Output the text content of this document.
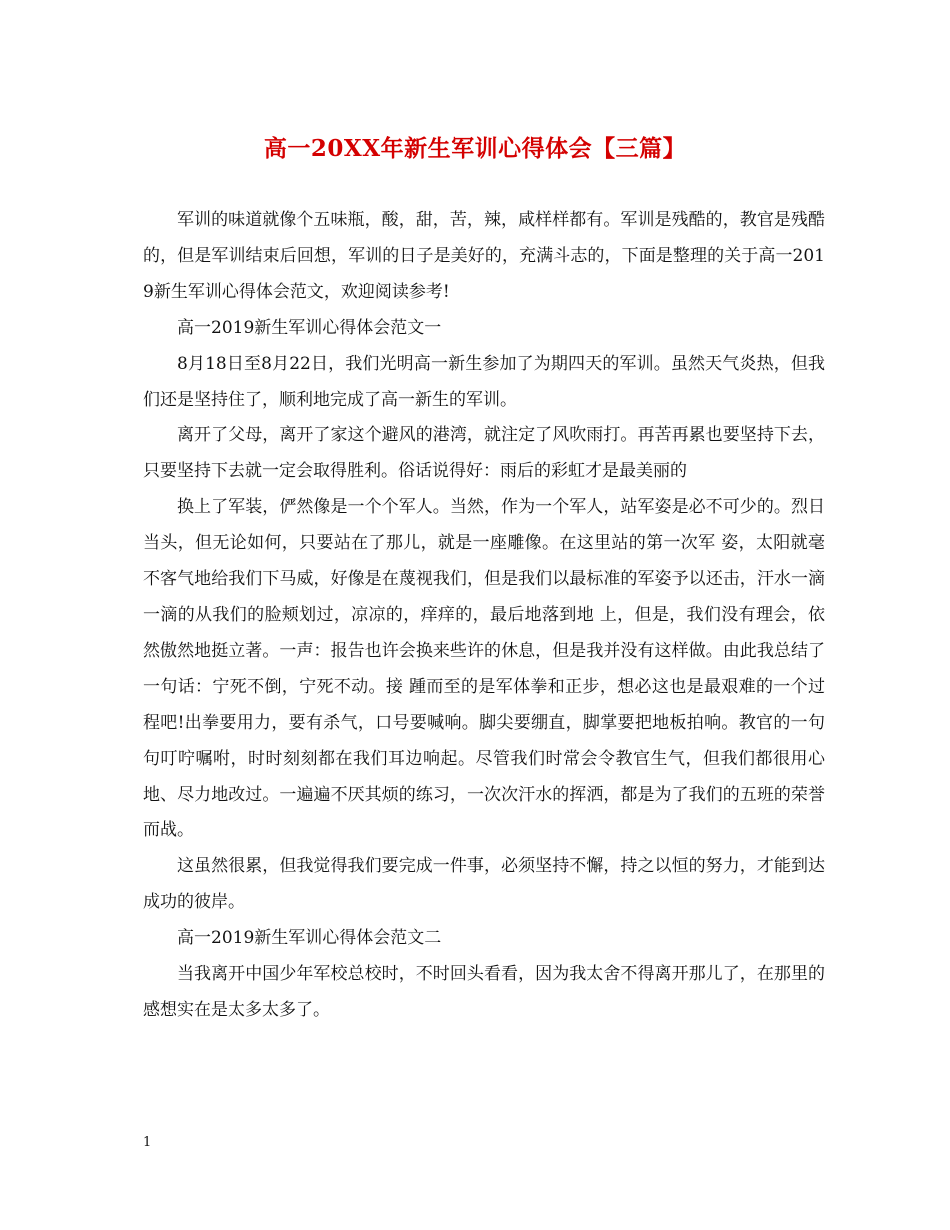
高一20XX年新生军训心得体会【三篇】

军训的味道就像个五味瓶，酸，甜，苦，辣，咸样样都有。军训是残酷的，教官是残酷的，但是军训结束后回想，军训的日子是美好的，充满斗志的，下面是整理的关于高一2019新生军训心得体会范文，欢迎阅读参考!

高一2019新生军训心得体会范文一

8月18日至8月22日，我们光明高一新生参加了为期四天的军训。虽然天气炎热，但我们还是坚持住了，顺利地完成了高一新生的军训。

离开了父母，离开了家这个避风的港湾，就注定了风吹雨打。再苦再累也要坚持下去，只要坚持下去就一定会取得胜利。俗话说得好：雨后的彩虹才是最美丽的

换上了军装，俨然像是一个个军人。当然，作为一个军人，站军姿是必不可少的。烈日当头，但无论如何，只要站在了那儿，就是一座雕像。在这里站的第一次军 姿，太阳就毫不客气地给我们下马威，好像是在蔑视我们，但是我们以最标准的军姿予以还击，汗水一滴一滴的从我们的脸颊划过，凉凉的，痒痒的，最后地落到地 上，但是，我们没有理会，依然傲然地挺立著。一声：报告也许会换来些许的休息，但是我并没有这样做。由此我总结了一句话：宁死不倒，宁死不动。接 踵而至的是军体拳和正步，想必这也是最艰难的一个过程吧!出拳要用力，要有杀气，口号要喊响。脚尖要绷直，脚掌要把地板拍响。教官的一句句叮咛嘱咐，时时刻刻都在我们耳边响起。尽管我们时常会令教官生气，但我们都很用心地、尽力地改过。一遍遍不厌其烦的练习，一次次汗水的挥洒，都是为了我们的五班的荣誉而战。

这虽然很累，但我觉得我们要完成一件事，必须坚持不懈，持之以恒的努力，才能到达成功的彼岸。

高一2019新生军训心得体会范文二

当我离开中国少年军校总校时，不时回头看看，因为我太舍不得离开那儿了，在那里的感想实在是太多太多了。

1
